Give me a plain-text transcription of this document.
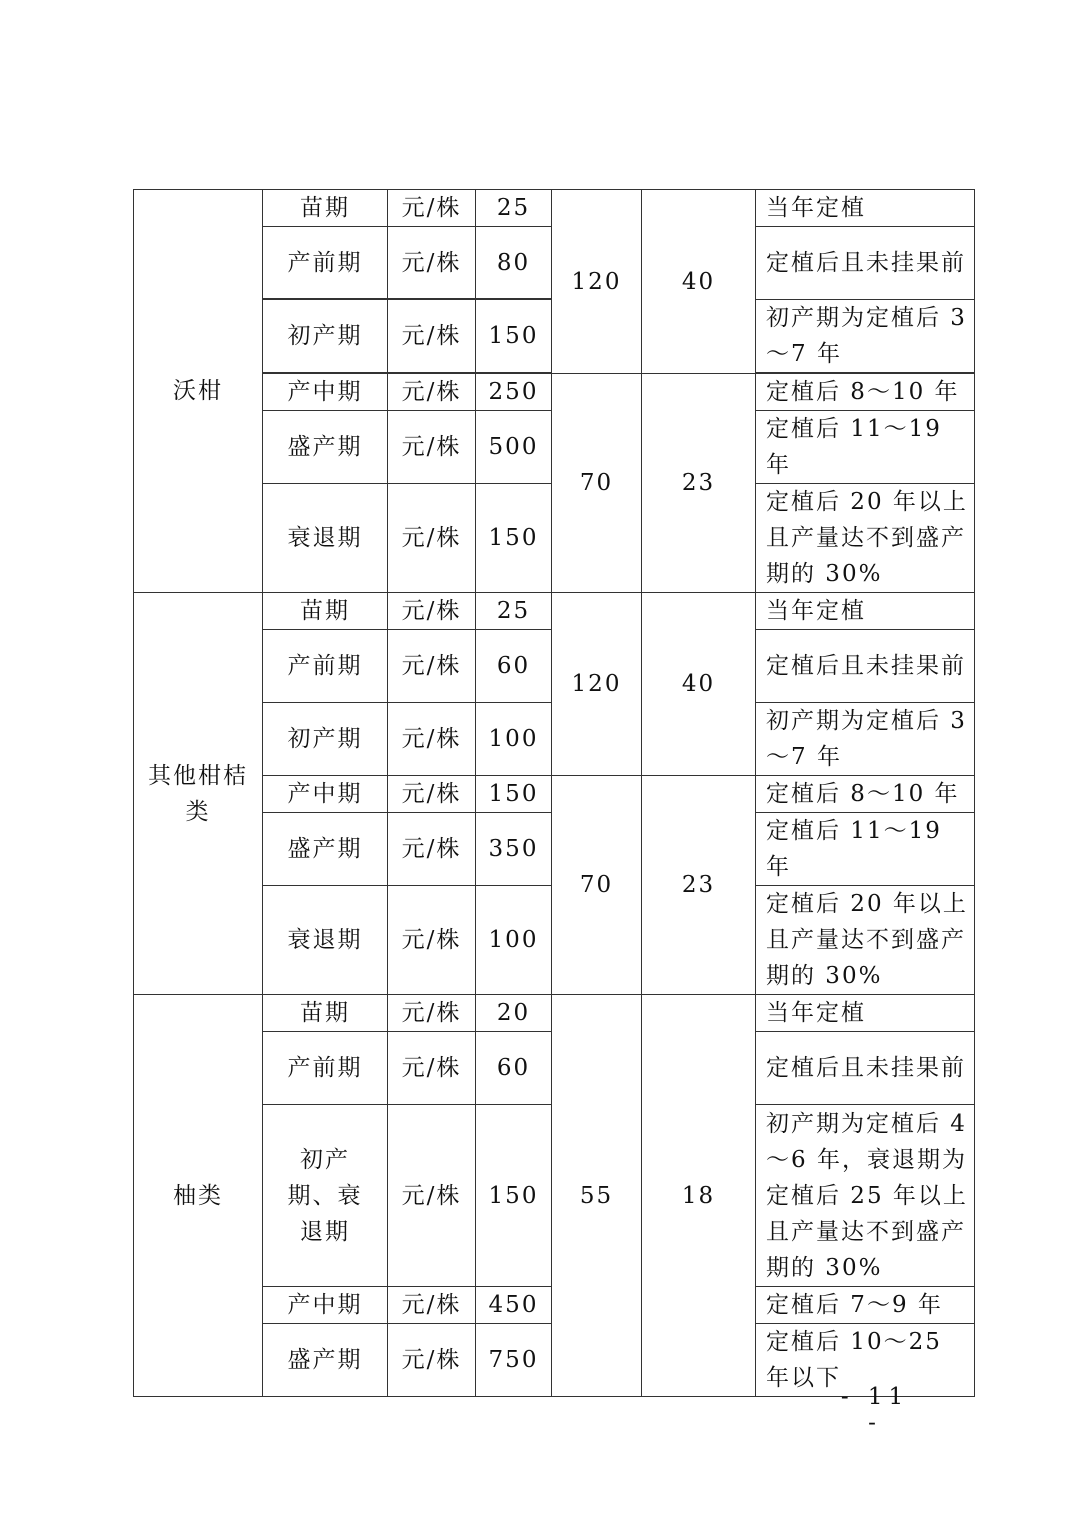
沃柑	苗期	元/株	25	120	40	当年定植
	产前期	元/株	80			定植后且未挂果前

	初产期	元/株	150			初产期为定植后 3～7 年

	产中期	元/株	250	70	23	定植后 8～10 年
	盛产期	元/株	500			定植后 11～19 年
	衰退期	元/株	150			定植后 20 年以上且产量达不到盛产期的 30%

其他柑桔类	苗期	元/株	25	120	40	当年定植
	产前期	元/株	60			定植后且未挂果前
	初产期	元/株	100			初产期为定植后 3～7 年
	产中期	元/株	150	70	23	定植后 8～10 年
	盛产期	元/株	350			定植后 11～19 年
	衰退期	元/株	100			定植后 20 年以上且产量达不到盛产期的 30%
柚类	苗期	元/株	20	55	18	当年定植
	产前期	元/株	60			定植后且未挂果前
	初产期、衰退期	元/株	150			初产期为定植后 4～6 年，衰退期为定植后 25 年以上且产量达不到盛产期的 30%
	产中期	元/株	450			定植后 7～9 年
	盛产期	元/株	750			定植后 10～25 年以下
- 11 -
